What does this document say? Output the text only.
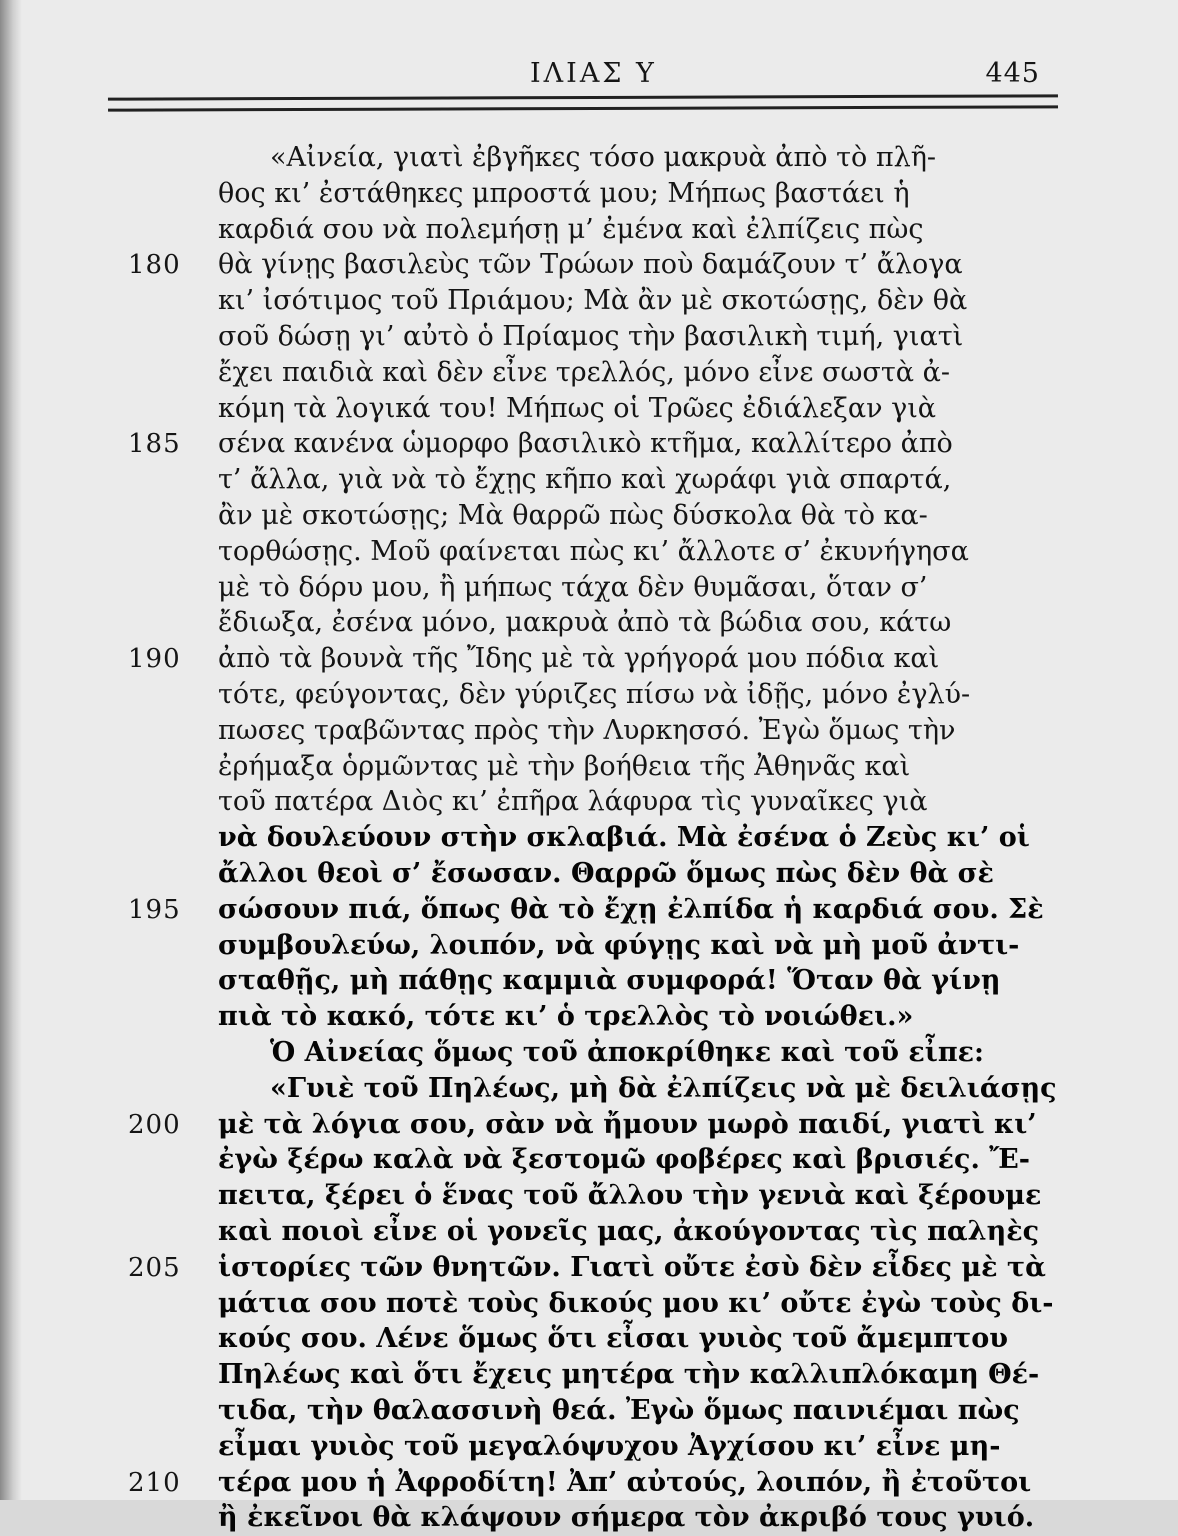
ΙΛΙΑΣ Υ	445
«Αἰνεία, γιατὶ ἐβγῆκες τόσο μακρυὰ ἀπὸ τὸ πλῆ-
θος κι’ ἐστάθηκες μπροστά μου; Μήπως βαστάει ἡ
καρδιά σου νὰ πολεμήσῃ μ’ ἐμένα καὶ ἐλπίζεις πὼς
180	θὰ γίνῃς βασιλεὺς τῶν Τρώων ποὺ δαμάζουν τ’ ἄλογα
κι’ ἰσότιμος τοῦ Πριάμου; Μὰ ἂν μὲ σκοτώσῃς, δὲν θὰ
σοῦ δώσῃ γι’ αὐτὸ ὁ Πρίαμος τὴν βασιλικὴ τιμή, γιατὶ
ἔχει παιδιὰ καὶ δὲν εἶνε τρελλός, μόνο εἶνε σωστὰ ἀ-
κόμη τὰ λογικά του! Μήπως οἱ Τρῶες ἐδιάλεξαν γιὰ
185	σένα κανένα ὡμορφο βασιλικὸ κτῆμα, καλλίτερο ἀπὸ
τ’ ἄλλα, γιὰ νὰ τὸ ἔχῃς κῆπο καὶ χωράφι γιὰ σπαρτά,
ἂν μὲ σκοτώσῃς; Μὰ θαρρῶ πὼς δύσκολα θὰ τὸ κα-
τορθώσῃς. Μοῦ φαίνεται πὼς κι’ ἄλλοτε σ’ ἐκυνήγησα
μὲ τὸ δόρυ μου, ἢ μήπως τάχα δὲν θυμᾶσαι, ὅταν σ’
ἔδιωξα, ἐσένα μόνο, μακρυὰ ἀπὸ τὰ βώδια σου, κάτω
190	ἀπὸ τὰ βουνὰ τῆς Ἴδης μὲ τὰ γρήγορά μου πόδια καὶ
τότε, φεύγοντας, δὲν γύριζες πίσω νὰ ἰδῇς, μόνο ἐγλύ-
πωσες τραβῶντας πρὸς τὴν Λυρκησσό. Ἐγὼ ὅμως τὴν
ἐρήμαξα ὁρμῶντας μὲ τὴν βοήθεια τῆς Ἀθηνᾶς καὶ
τοῦ πατέρα Διὸς κι’ ἐπῆρα λάφυρα τὶς γυναῖκες γιὰ
νὰ δουλεύουν στὴν σκλαβιά. Μὰ ἐσένα ὁ Ζεὺς κι’ οἱ
ἄλλοι θεοὶ σ’ ἔσωσαν. Θαρρῶ ὅμως πὼς δὲν θὰ σὲ
195	σώσουν πιά, ὅπως θὰ τὸ ἔχῃ ἐλπίδα ἡ καρδιά σου. Σὲ
συμβουλεύω, λοιπόν, νὰ φύγῃς καὶ νὰ μὴ μοῦ ἀντι-
σταθῇς, μὴ πάθῃς καμμιὰ συμφορά! Ὅταν θὰ γίνῃ
πιὰ τὸ κακό, τότε κι’ ὁ τρελλὸς τὸ νοιώθει.»
Ὁ Αἰνείας ὅμως τοῦ ἀποκρίθηκε καὶ τοῦ εἶπε:
«Γυιὲ τοῦ Πηλέως, μὴ δὰ ἐλπίζεις νὰ μὲ δειλιάσῃς
200	μὲ τὰ λόγια σου, σὰν νὰ ἤμουν μωρὸ παιδί, γιατὶ κι’
ἐγὼ ξέρω καλὰ νὰ ξεστομῶ φοβέρες καὶ βρισιές. Ἔ-
πειτα, ξέρει ὁ ἕνας τοῦ ἄλλου τὴν γενιὰ καὶ ξέρουμε
καὶ ποιοὶ εἶνε οἱ γονεῖς μας, ἀκούγοντας τὶς παληὲς
205	ἱστορίες τῶν θνητῶν. Γιατὶ οὔτε ἐσὺ δὲν εἶδες μὲ τὰ
μάτια σου ποτὲ τοὺς δικούς μου κι’ οὔτε ἐγὼ τοὺς δι-
κούς σου. Λένε ὅμως ὅτι εἶσαι γυιὸς τοῦ ἄμεμπτου
Πηλέως καὶ ὅτι ἔχεις μητέρα τὴν καλλιπλόκαμη Θέ-
τιδα, τὴν θαλασσινὴ θεά. Ἐγὼ ὅμως παινιέμαι πὼς
εἶμαι γυιὸς τοῦ μεγαλόψυχου Ἀγχίσου κι’ εἶνε μη-
210	τέρα μου ἡ Ἀφροδίτη! Ἀπ’ αὐτούς, λοιπόν, ἢ ἐτοῦτοι
ἢ ἐκεῖνοι θὰ κλάψουν σήμερα τὸν ἀκριβό τους γυιό.
